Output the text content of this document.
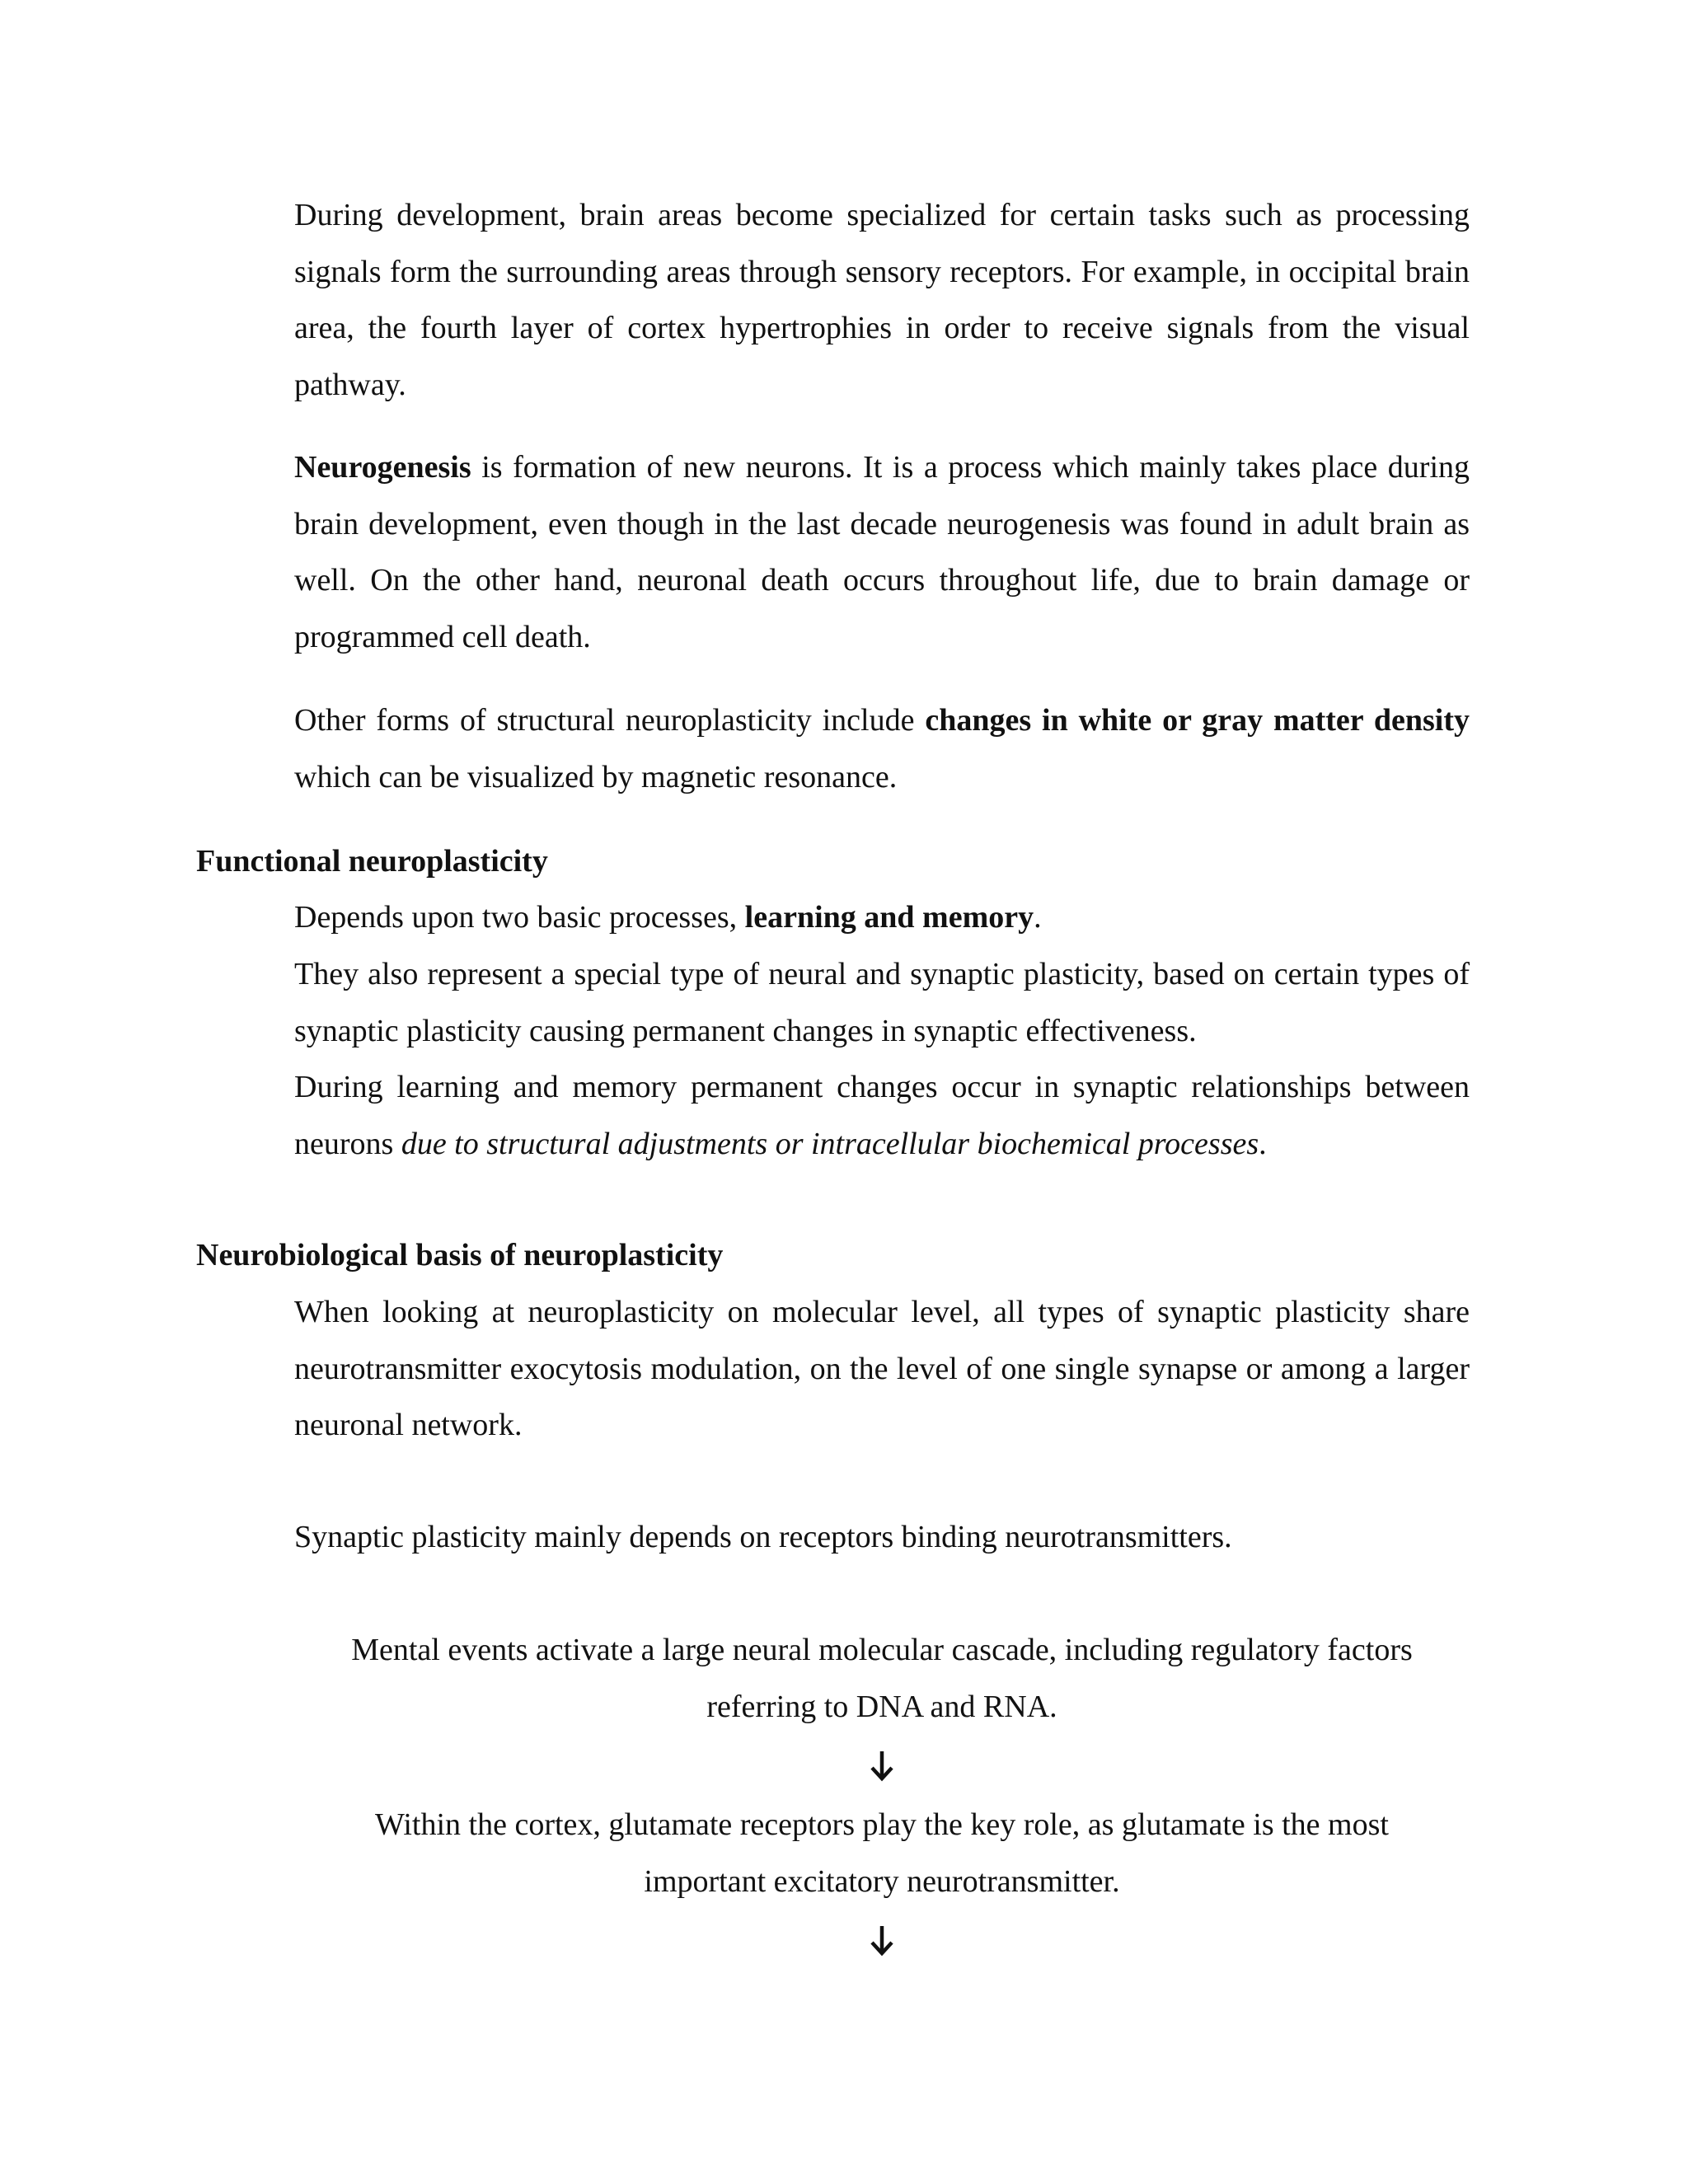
During development, brain areas become specialized for certain tasks such as processing signals form the surrounding areas through sensory receptors. For example, in occipital brain area, the fourth layer of cortex hypertrophies in order to receive signals from the visual pathway.

Neurogenesis is formation of new neurons. It is a process which mainly takes place during brain development, even though in the last decade neurogenesis was found in adult brain as well. On the other hand, neuronal death occurs throughout life, due to brain damage or programmed cell death.

Other forms of structural neuroplasticity include changes in white or gray matter density which can be visualized by magnetic resonance.

Functional neuroplasticity

Depends upon two basic processes, learning and memory.

They also represent a special type of neural and synaptic plasticity, based on certain types of synaptic plasticity causing permanent changes in synaptic effectiveness.

During learning and memory permanent changes occur in synaptic relationships between neurons due to structural adjustments or intracellular biochemical processes.

Neurobiological basis of neuroplasticity

When looking at neuroplasticity on molecular level, all types of synaptic plasticity share neurotransmitter exocytosis modulation, on the level of one single synapse or among a larger neuronal network.

Synaptic plasticity mainly depends on receptors binding neurotransmitters.

Mental events activate a large neural molecular cascade, including regulatory factors
referring to DNA and RNA.

Within the cortex, glutamate receptors play the key role, as glutamate is the most
important excitatory neurotransmitter.
